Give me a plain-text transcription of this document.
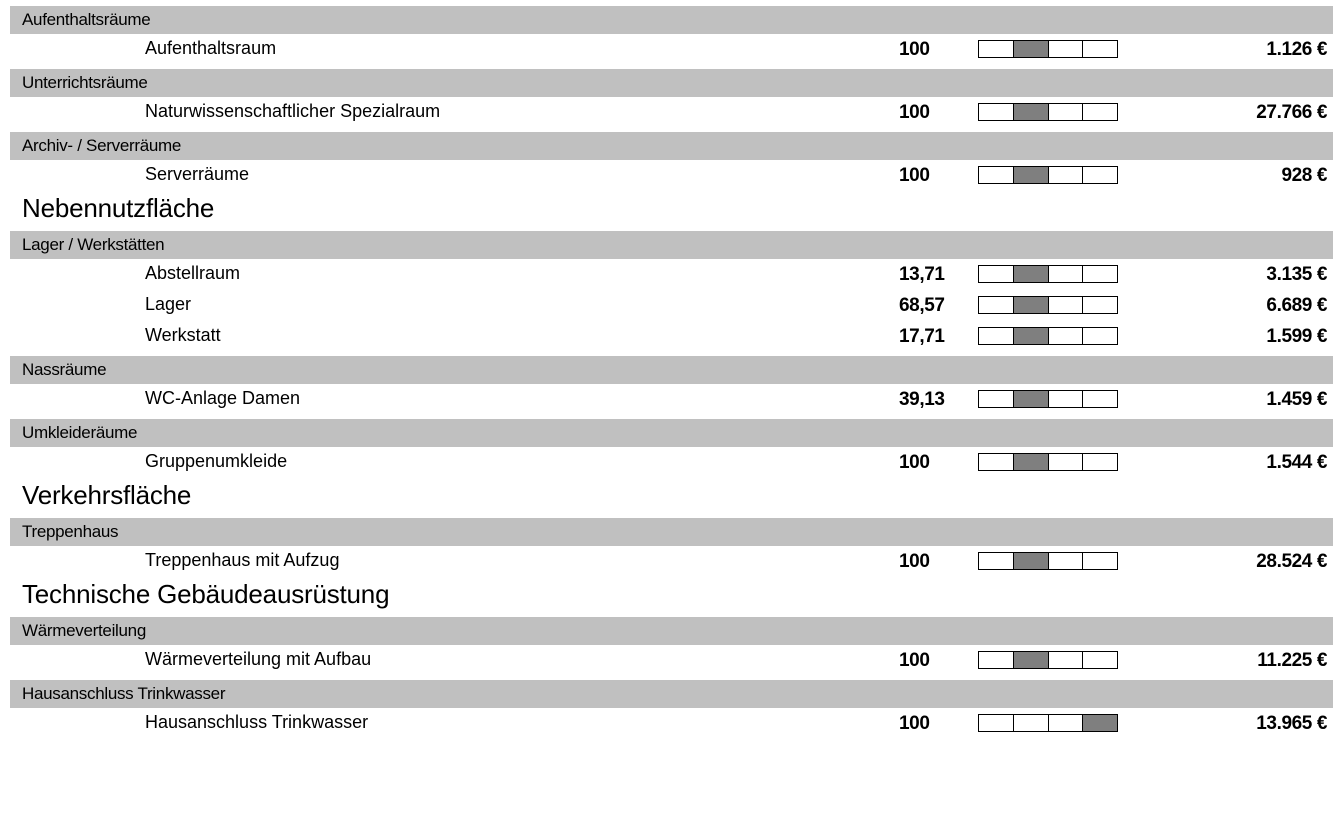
Aufenthaltsräume
Aufenthaltsraum	100	1.126 €
Unterrichtsräume
Naturwissenschaftlicher Spezialraum	100	27.766 €
Archiv- / Serverräume
Serverräume	100	928 €
Nebennutzfläche
Lager / Werkstätten
Abstellraum	13,71	3.135 €
Lager	68,57	6.689 €
Werkstatt	17,71	1.599 €
Nassräume
WC-Anlage Damen	39,13	1.459 €
Umkleideräume
Gruppenumkleide	100	1.544 €
Verkehrsfläche
Treppenhaus
Treppenhaus mit Aufzug	100	28.524 €
Technische Gebäudeausrüstung
Wärmeverteilung
Wärmeverteilung mit Aufbau	100	11.225 €
Hausanschluss Trinkwasser
Hausanschluss Trinkwasser	100	13.965 €
